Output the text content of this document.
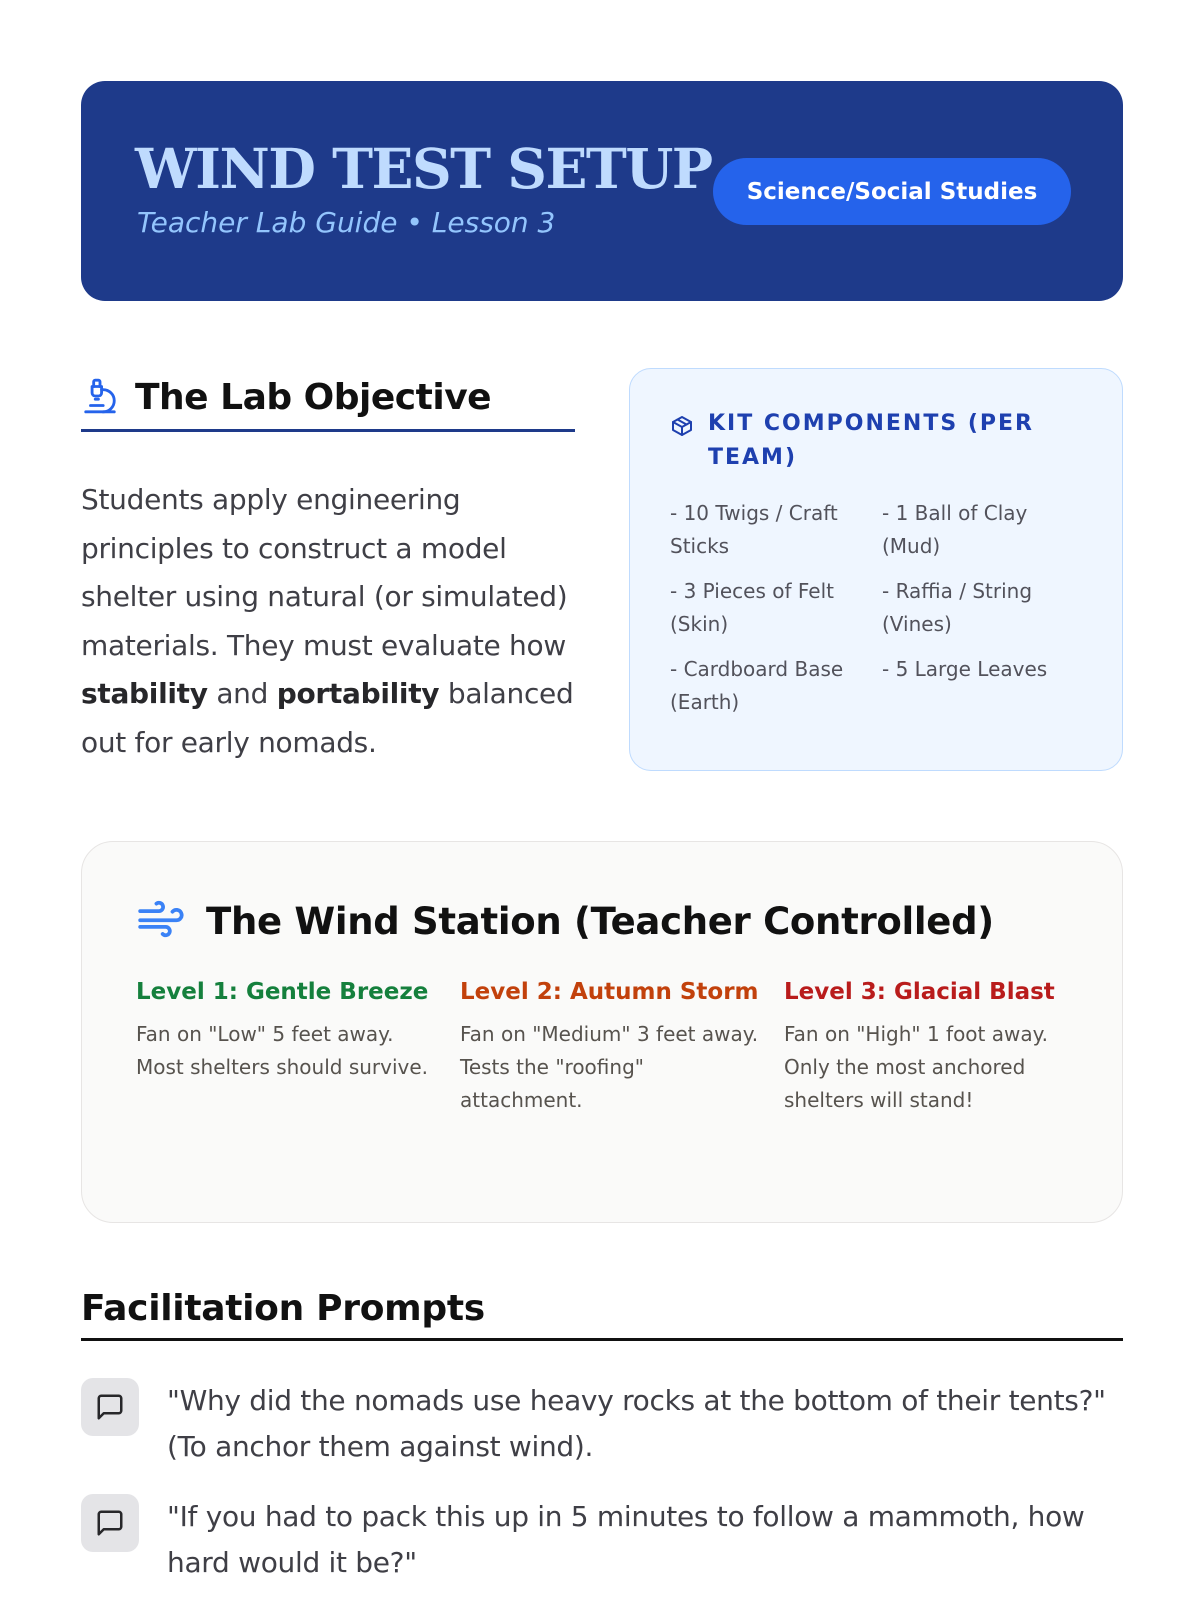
WIND TEST SETUP
Teacher Lab Guide • Lesson 3
Science/Social Studies
The Lab Objective

Students apply engineering principles to construct a model shelter using natural (or simulated) materials. They must evaluate how stability and portability balanced out for early nomads.

KIT COMPONENTS (PER TEAM)
- 10 Twigs / Craft Sticks
- 1 Ball of Clay (Mud)
- 3 Pieces of Felt (Skin)
- Raffia / String (Vines)
- Cardboard Base (Earth)
- 5 Large Leaves
The Wind Station (Teacher Controlled)
Level 1: Gentle Breeze

Fan on "Low" 5 feet away. Most shelters should survive.

Level 2: Autumn Storm

Fan on "Medium" 3 feet away. Tests the "roofing" attachment.

Level 3: Glacial Blast

Fan on "High" 1 foot away. Only the most anchored shelters will stand!

Facilitation Prompts
"Why did the nomads use heavy rocks at the bottom of their tents?" (To anchor them against wind).
"If you had to pack this up in 5 minutes to follow a mammoth, how hard would it be?"
